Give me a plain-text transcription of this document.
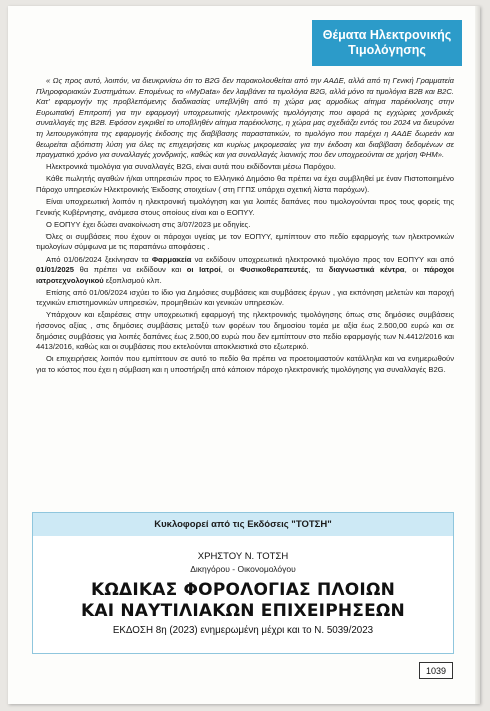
Θέματα Ηλεκτρονικής
Τιμολόγησης

« Ως προς αυτό, λοιπόν, να διευκρινίσω ότι το B2G δεν παρακολουθείται από την ΑΑΔΕ, αλλά από τη Γενική Γραμματεία Πληροφοριακών Συστημάτων. Επομένως το «MyData» δεν λαμβάνει τα τιμολόγια B2G, αλλά μόνο τα τιμολόγια B2B και B2C. Κατ' εφαρμογήν της προβλεπόμενης διαδικασίας υπεβλήθη από τη χώρα μας αρμοδίως αίτημα παρέκκλισης στην Ευρωπαϊκή Επιτροπή για την εφαρμογή υποχρεωτικής ηλεκτρονικής τιμολόγησης που αφορά τις εγχώριες χονδρικές συναλλαγές της B2B. Εφόσον εγκριθεί το υποβληθέν αίτημα παρέκκλισης, η χώρα μας σχεδιάζει εντός του 2024 να διευρύνει τη λειτουργικότητα της εφαρμογής έκδοσης της διαβίβασης παραστατικών, το τιμολόγιο που παρέχει η ΑΑΔΕ δωρεάν και θεωρείται αξιόπιστη λύση για όλες τις επιχειρήσεις και κυρίως μικρομεσαίες για την έκδοση και διαβίβαση δεδομένων σε πραγματικό χρόνο για συναλλαγές χονδρικής, καθώς και για συναλλαγές λιανικής που δεν υποχρεούνται σε χρήση ΦΗΜ».

Ηλεκτρονικά τιμολόγια για συναλλαγές B2G, είναι αυτά που εκδίδονται μέσω Παρόχου.

Κάθε πωλητής αγαθών ή/και υπηρεσιών προς το Ελληνικό Δημόσιο θα πρέπει να έχει συμβληθεί με έναν Πιστοποιημένο Πάροχο υπηρεσιών Ηλεκτρονικής Έκδοσης στοιχείων ( στη ΓΓΠΣ υπάρχει σχετική λίστα παρόχων).

Είναι υποχρεωτική λοιπόν η ηλεκτρονική τιμολόγηση και για λοιπές δαπάνες που τιμολογούνται προς τους φορείς της Γενικής Κυβέρνησης, ανάμεσα στους οποίους είναι και ο ΕΟΠΥΥ.

Ο ΕΟΠΥΥ έχει δώσει ανακοίνωση στις 3/07/2023 με οδηγίες.

Όλες οι συμβάσεις που έχουν οι πάροχοι υγείας με τον ΕΟΠΥΥ, εμπίπτουν στο πεδίο εφαρμογής των ηλεκτρονικών τιμολογίων σύμφωνα με τις παραπάνω αποφάσεις .

Από 01/06/2024 ξεκίνησαν τα Φαρμακεία να εκδίδουν υποχρεωτικά ηλεκτρονικό τιμολόγιο προς τον ΕΟΠΥΥ και από 01/01/2025 θα πρέπει να εκδίδουν και οι Ιατροί, οι Φυσικοθεραπευτές, τα διαγνωστικά κέντρα, οι πάροχοι ιατροτεχνολογικού εξοπλισμού κλπ.

Επίσης από 01/06/2024 ισχύει το ίδιο για Δημόσιες συμβάσεις και συμβάσεις έργων , για εκπόνηση μελετών και παροχή τεχνικών επιστημονικών υπηρεσιών, προμηθειών και γενικών υπηρεσιών.

Υπάρχουν και εξαιρέσεις στην υποχρεωτική εφαρμογή της ηλεκτρονικής τιμολόγησης όπως στις δημόσιες συμβάσεις ήσσονος αξίας , στις δημόσιες συμβάσεις μεταξύ των φορέων του δημοσίου τομέα με αξία έως 2.500,00 ευρώ και σε δημόσιες συμβάσεις για λοιπές δαπάνες έως 2.500,00 ευρώ που δεν εμπίπτουν στο πεδίο εφαρμογής των Ν.4412/2016 και 4413/2016, καθώς και οι συμβάσεις που εκτελούνται αποκλειστικά στο εξωτερικό.

Οι επιχειρήσεις λοιπόν που εμπίπτουν σε αυτό το πεδίο θα πρέπει να προετοιμαστούν κατάλληλα και να ενημερωθούν για το κόστος που έχει η σύμβαση και η υποστήριξη από κάποιον πάροχο ηλεκτρονικής τιμολόγησης για συναλλαγές B2G.

Κυκλοφορεί από τις Εκδόσεις "ΤΟΤΣΗ"
ΧΡΗΣΤΟΥ Ν. ΤΟΤΣΗ
Δικηγόρου - Οικονομολόγου
ΚΩΔΙΚΑΣ ΦΟΡΟΛΟΓΙΑΣ ΠΛΟΙΩΝ
ΚΑΙ ΝΑΥΤΙΛΙΑΚΩΝ ΕΠΙΧΕΙΡΗΣΕΩΝ
ΕΚΔΟΣΗ 8η (2023) ενημερωμένη μέχρι και το Ν. 5039/2023
1039
